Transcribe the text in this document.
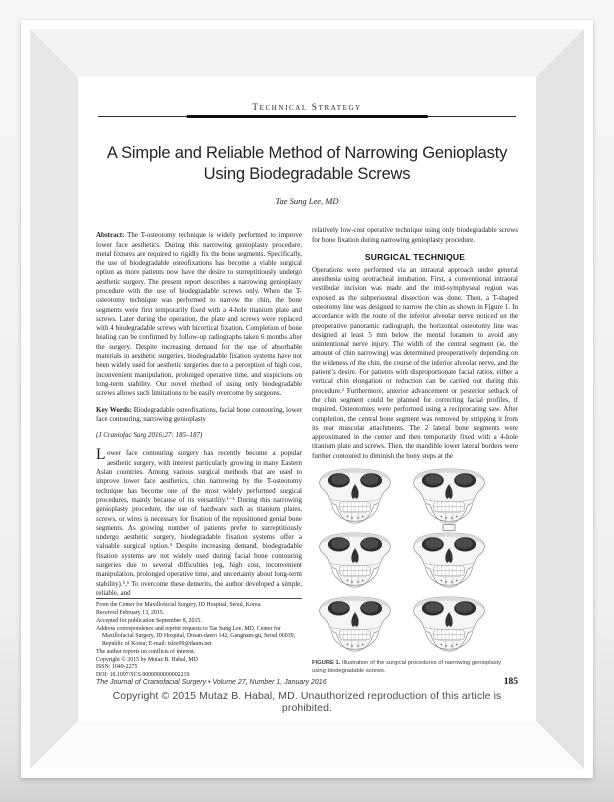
Technical Strategy
A Simple and Reliable Method of Narrowing Genioplasty
Using Biodegradable Screws
Tae Sung Lee, MD

Abstract: The T-osteotomy technique is widely performed to improve lower face aesthetics. During this narrowing genioplasty procedure, metal fixtures are required to rigidly fix the bone segments. Specifically, the use of biodegradable osteofixations has become a viable surgical option as more patients now have the desire to surreptitiously undergo aesthetic surgery. The present report describes a narrowing genioplasty procedure with the use of biodegradable screws only. When the T-osteotomy technique was performed to narrow the chin, the bone segments were first temporarily fixed with a 4-hole titanium plate and screws. Later during the operation, the plate and screws were replaced with 4 biodegradable screws with bicortical fixation. Completion of bone healing can be confirmed by follow-up radiographs taken 6 months after the surgery. Despite increasing demand for the use of absorbable materials in aesthetic surgeries, biodegradable fixation systems have not been widely used for aesthetic surgeries due to a perception of high cost, inconvenient manipulation, prolonged operative time, and suspicions on long-term stability. Our novel method of using only biodegradable screws allows such limitations to be easily overcome by surgeons.

Key Words: Biodegradable osteofixations, facial bone contouring, lower face contouring, narrowing genioplasty

(J Craniofac Surg 2016;27: 185–187)

Lower face contouring surgery has recently become a popular aesthetic surgery, with interest particularly growing in many Eastern Asian countries. Among various surgical methods that are used to improve lower face aesthetics, chin narrowing by the T-osteotomy technique has become one of the most widely performed surgical procedures, mainly because of its versatility.¹⁻³ During this narrowing genioplasty procedure, the use of hardware such as titanium plates, screws, or wires is necessary for fixation of the repositioned genial bone segments. As growing number of patients prefer to surreptitiously undergo aesthetic surgery, biodegradable fixation systems offer a valuable surgical option.⁴ Despite increasing demand, biodegradable fixation systems are not widely used during facial bone contouring surgeries due to several difficulties (eg, high cost, inconvenient manipulation, prolonged operative time, and uncertainty about long-term stability).⁵,⁶ To overcome these demerits, the author developed a simple, reliable, and

From the Center for Maxillofacial Surgery, ID Hospital, Seoul, Korea.
Received February 13, 2015.
Accepted for publication September 8, 2015.
Address correspondence and reprint requests to Tae Sung Lee, MD, Center for Maxillofacial Surgery, ID Hospital, Dosan-daero 142, Gangnam-gu, Seoul 06039, Republic of Korea; E-mail: tslee99@daum.net
The author reports no conflicts of interest.
Copyright © 2015 by Mutaz B. Habal, MD
ISSN: 1049-2275
DOI: 10.1097/SCS.0000000000002219

relatively low-cost operative technique using only biodegradable screws for bone fixation during narrowing genioplasty procedure.

SURGICAL TECHNIQUE

Operations were performed via an intraoral approach under general anesthesia using orotracheal intubation. First, a conventional intraoral vestibular incision was made and the mid-symphyseal region was exposed as the subperiosteal dissection was done. Then, a T-shaped osteotomy line was designed to narrow the chin as shown in Figure 1. In accordance with the route of the inferior alveolar nerve noticed on the preoperative panoramic radiograph, the horizontal osteotomy line was designed at least 5 mm below the mental foramen to avoid any unintentional nerve injury. The width of the central segment (ie, the amount of chin narrowing) was determined preoperatively depending on the wideness of the chin, the course of the inferior alveolar nerve, and the patient’s desire. For patients with disproportionate facial ratios, either a vertical chin elongation or reduction can be carried out during this procedure.² Furthermore, anterior advancement or posterior setback of the chin segment could be planned for correcting facial profiles, if required. Osteotomies were performed using a reciprocating saw. After completion, the central bone segment was removed by stripping it from its rear muscular attachments. The 2 lateral bone segments were approximated in the center and then temporarily fixed with a 4-hole titanium plate and screws. Then, the mandible lower lateral borders were further contoured to diminish the bony steps at the

FIGURE 1. Illustration of the surgical procedures of narrowing genioplasty using biodegradable screws.
The Journal of Craniofacial Surgery • Volume 27, Number 1, January 2016	185
Copyright © 2015 Mutaz B. Habal, MD. Unauthorized reproduction of this article is prohibited.
